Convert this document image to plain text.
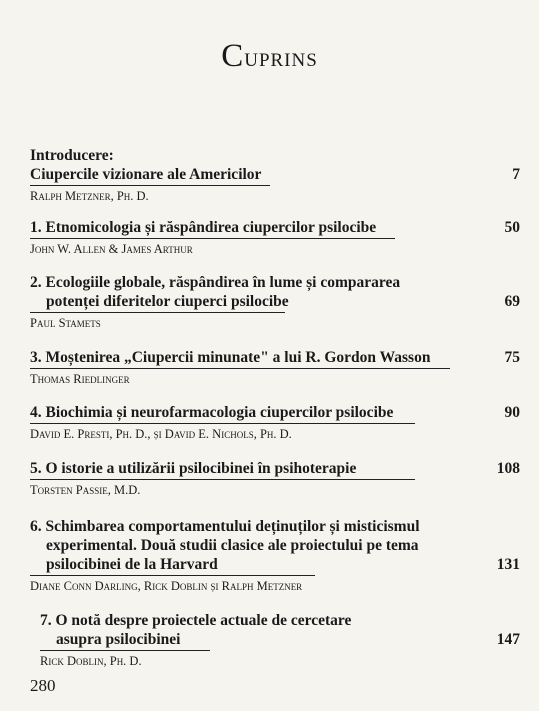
Cuprins
Introducere:
Ciupercile vizionare ale Americilor	7
Ralph Metzner, Ph. D.
1. Etnomicologia și răspândirea ciupercilor psilocibe	50
John W. Allen & James Arthur
2. Ecologiile globale, răspândirea în lume și compararea
potenței diferitelor ciuperci psilocibe	69
Paul Stamets
3. Moștenirea „Ciupercii minunate" a lui R. Gordon Wasson	75
Thomas Riedlinger
4. Biochimia și neurofarmacologia ciupercilor psilocibe	90
David E. Presti, Ph. D., și David E. Nichols, Ph. D.
5. O istorie a utilizării psilocibinei în psihoterapie	108
Torsten Passie, M.D.
6. Schimbarea comportamentului deținuților și misticismul
experimental. Două studii clasice ale proiectului pe tema
psilocibinei de la Harvard	131
Diane Conn Darling, Rick Doblin și Ralph Metzner
7. O notă despre proiectele actuale de cercetare
asupra psilocibinei	147
Rick Doblin, Ph. D.
280
